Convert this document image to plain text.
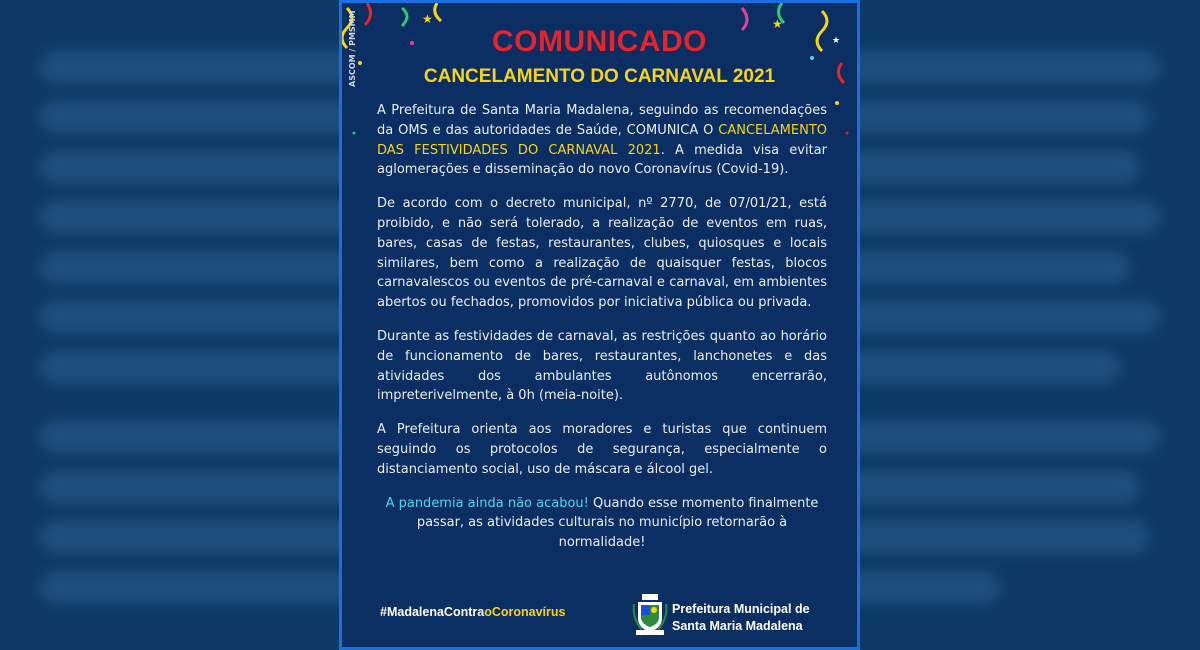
★	★
★
COMUNICADO
CANCELAMENTO DO CARNAVAL 2021
ASCOM / PMSMM

A Prefeitura de Santa Maria Madalena, seguindo as recomendações da OMS e das autoridades de Saúde, COMUNICA O CANCELAMENTO DAS FESTIVIDADES DO CARNAVAL 2021. A medida visa evitar aglomerações e disseminação do novo Coronavírus (Covid-19).

De acordo com o decreto municipal, nº 2770, de 07/01/21, está proibido, e não será tolerado, a realização de eventos em ruas, bares, casas de festas, restaurantes, clubes, quiosques e locais similares, bem como a realização de quaisquer festas, blocos carnavalescos ou eventos de pré-carnaval e carnaval, em ambientes abertos ou fechados, promovidos por iniciativa pública ou privada.

Durante as festividades de carnaval, as restrições quanto ao horário de funcionamento de bares, restaurantes, lanchonetes e das atividades dos ambulantes autônomos encerrarão, impreterivelmente, à 0h (meia-noite).

A Prefeitura orienta aos moradores e turistas que continuem seguindo os protocolos de segurança, especialmente o distanciamento social, uso de máscara e álcool gel.

A pandemia ainda não acabou! Quando esse momento finalmente passar, as atividades culturais no município retornarão à normalidade!

#MadalenaContraoCoronavírus	Prefeitura Municipal de
Santa Maria Madalena
